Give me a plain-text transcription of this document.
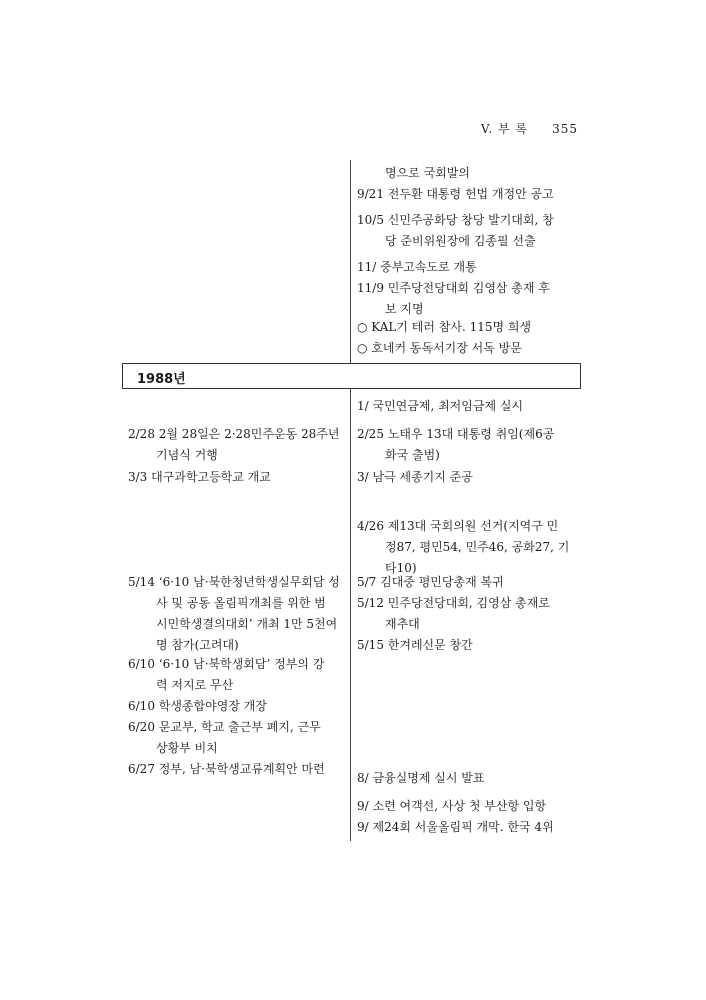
V. 부 록 355
명으로 국회발의
9/21 전두환 대통령 헌법 개정안 공고
10/5 신민주공화당 창당 발기대회, 창
당 준비위원장에 김종필 선출
11/ 중부고속도로 개통
11/9 민주당전당대회 김영삼 총재 후
보 지명
○ KAL기 테러 참사. 115명 희생
○ 호네커 동독서기장 서독 방문
1988년
1/ 국민연금제, 최저임금제 실시
2/25 노태우 13대 대통령 취임(제6공
화국 출범)
3/ 남극 세종기지 준공
4/26 제13대 국회의원 선거(지역구 민
정87, 평민54, 민주46, 공화27, 기
타10)
5/7 김대중 평민당총재 복귀
5/12 민주당전당대회, 김영삼 총재로
재추대
5/15 한겨레신문 창간
8/ 금융실명제 실시 발표
9/ 소련 여객선, 사상 첫 부산항 입항
9/ 제24회 서울올림픽 개막. 한국 4위
2/28 2월 28일은 2·28민주운동 28주년
기념식 거행
3/3 대구과학고등학교 개교
5/14 ‘6·10 남·북한청년학생실무회담 성
사 및 공동 올림픽개최를 위한 범
시민학생결의대회’ 개최 1만 5천여
명 참가(고려대)
6/10 ‘6·10 남·북학생회담’ 정부의 강
력 저지로 무산
6/10 학생종합야영장 개장
6/20 문교부, 학교 출근부 폐지, 근무
상황부 비치
6/27 정부, 남·북학생교류계획안 마련
